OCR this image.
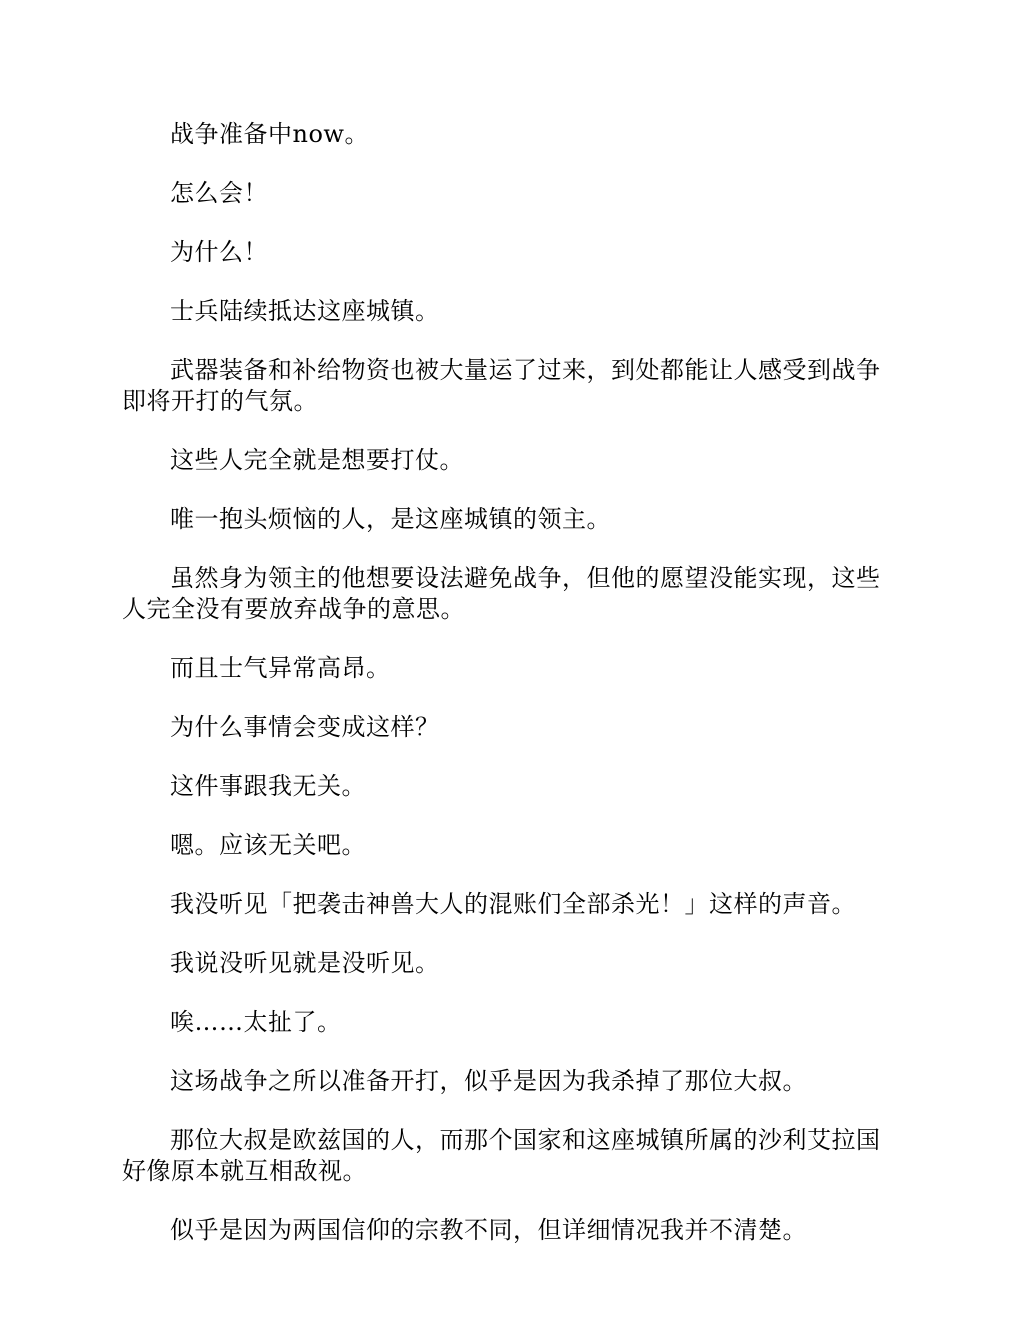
战争准备中now。

怎么会！

为什么！

士兵陆续抵达这座城镇。

武器装备和补给物资也被大量运了过来，到处都能让人感受到战争即将开打的气氛。

这些人完全就是想要打仗。

唯一抱头烦恼的人，是这座城镇的领主。

虽然身为领主的他想要设法避免战争，但他的愿望没能实现，这些人完全没有要放弃战争的意思。

而且士气异常高昂。

为什么事情会变成这样？

这件事跟我无关。

嗯。应该无关吧。

我没听见「把袭击神兽大人的混账们全部杀光！」这样的声音。

我说没听见就是没听见。

唉……太扯了。

这场战争之所以准备开打，似乎是因为我杀掉了那位大叔。

那位大叔是欧兹国的人，而那个国家和这座城镇所属的沙利艾拉国好像原本就互相敌视。

似乎是因为两国信仰的宗教不同，但详细情况我并不清楚。
